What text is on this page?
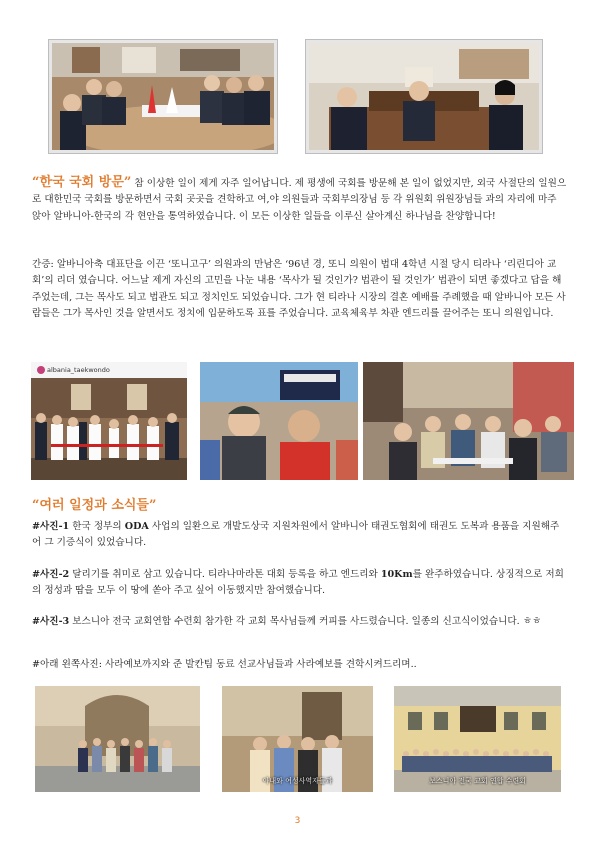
“한국 국회 방문” 참 이상한 일이 제게 자주 일어납니다. 제 평생에 국회를 방문해 본 일이 없었지만, 외국 사절단의 일원으로 대한민국 국회를 방문하면서 국회 곳곳을 견학하고 여,야 의원들과 국회부의장님 등 각 위원회 위원장님들 과의 자리에 마주 앉아 알바니아-한국의 각 현안을 통역하였습니다. 이 모든 이상한 일들을 이루신 살아계신 하나님을 찬양합니다!

간증: 알바니아축 대표단을 이끈 ‘또니고구’ 의원과의 만남은 ‘96년 경, 또니 의원이 법대 4학년 시절 당시 티라나 ‘리린디아 교회’의 리더 였습니다. 어느날 제게 자신의 고민을 나눈 내용 ‘목사가 될 것인가? 법관이 될 것인가’ 법관이 되면 좋겠다고 답을 해주었는데, 그는 목사도 되고 법관도 되고 정치인도 되었습니다. 그가 현 티라나 시장의 결혼 예배를 주례했을 때 알바니아 모든 사람들은 그가 목사인 것을 알면서도 정치에 입문하도록 표를 주었습니다. 교육체육부 차관 엔드리를 끌어주는 또니 의원입니다.

albania_taekwondo
“여러 일정과 소식들”

#사진-1 한국 정부의 ODA 사업의 일환으로 개발도상국 지원차원에서 알바니아 태권도협회에 태권도 도복과 용품을 지원해주어 그 기증식이 있었습니다.

#사진-2 달리기를 취미로 삼고 있습니다. 티라나마라톤 대회 등록을 하고 엔드리와 10Km를 완주하였습니다. 상징적으로 저희의 정성과 땀을 모두 이 땅에 쏟아 주고 싶어 이동했지만 참여했습니다.

#사진-3 보스니아 전국 교회연합 수련회 참가한 각 교회 목사님들께 커피를 사드렸습니다. 일종의 신고식이었습니다. ㅎㅎ

#아래 왼쪽사진: 사라예보까지와 준 발칸팀 동료 선교사님들과 사라예보를 견학시켜드리며..

아내와 여성사역자들과	보스니아 전국 교회 연합 수련회
3
